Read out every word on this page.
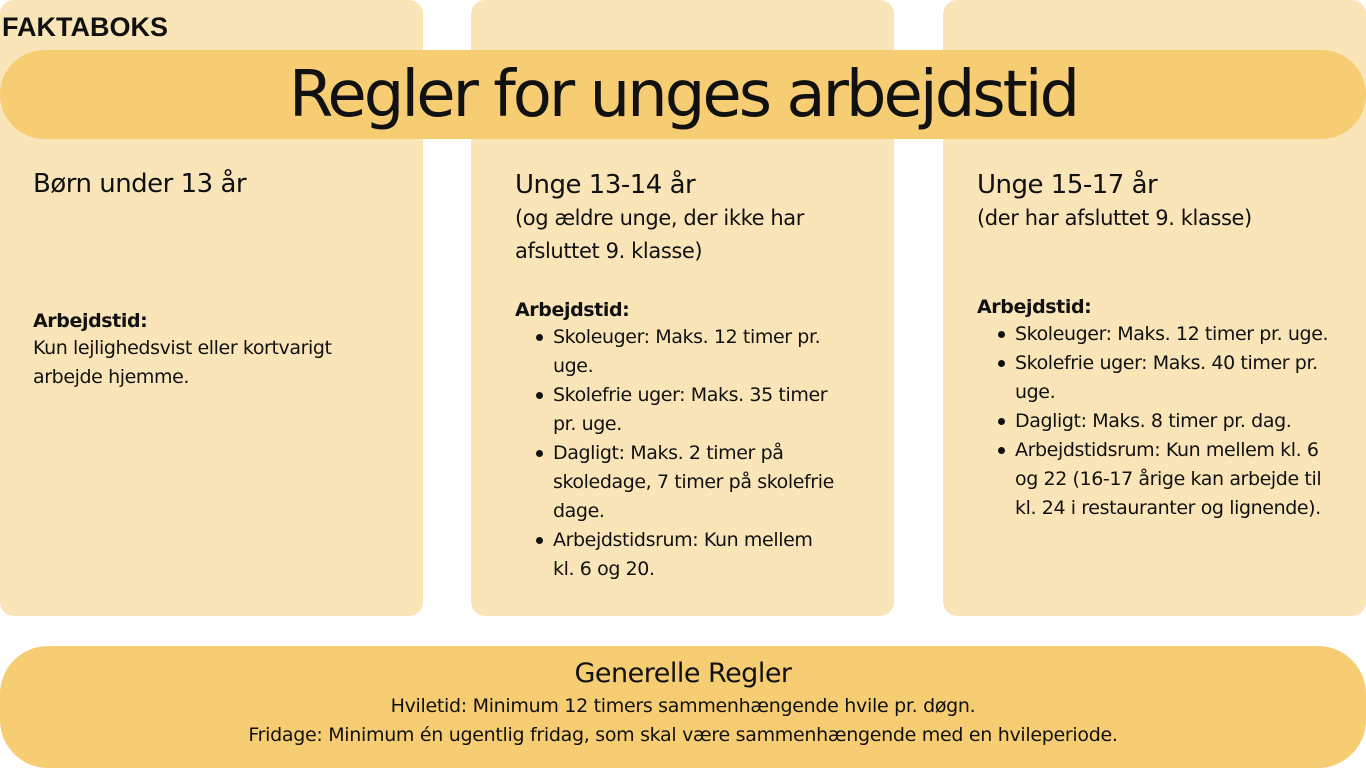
FAKTABOKS
Regler for unges arbejdstid
Børn under 13 år
Arbejdstid:
Kun lejlighedsvist eller kortvarigt arbejde hjemme.
Unge 13-14 år
(og ældre unge, der ikke har afsluttet 9. klasse)
Arbejdstid:
Skoleuger: Maks. 12 timer pr. uge.
Skolefrie uger: Maks. 35 timer pr. uge.
Dagligt: Maks. 2 timer på skoledage, 7 timer på skolefrie dage.
Arbejdstidsrum: Kun mellem kl. 6 og 20.
Unge 15-17 år
(der har afsluttet 9. klasse)
Arbejdstid:
Skoleuger: Maks. 12 timer pr. uge.
Skolefrie uger: Maks. 40 timer pr. uge.
Dagligt: Maks. 8 timer pr. dag.
Arbejdstidsrum: Kun mellem kl. 6 og 22 (16-17 årige kan arbejde til kl. 24 i restauranter og lignende).
Generelle Regler
Hviletid: Minimum 12 timers sammenhængende hvile pr. døgn.
Fridage: Minimum én ugentlig fridag, som skal være sammenhængende med en hvileperiode.
